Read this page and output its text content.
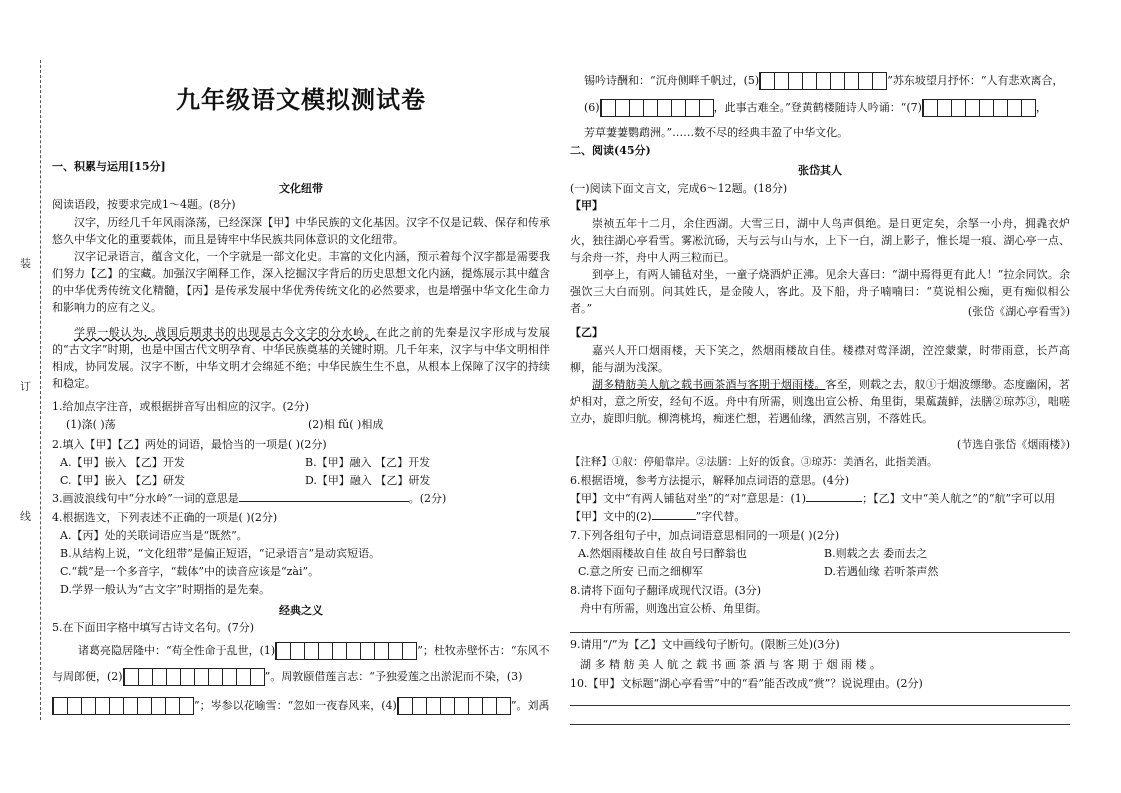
装
订
线
九年级语文模拟测试卷
一、积累与运用[15分]
文化纽带
阅读语段，按要求完成1～4题。(8分)

汉字，历经几千年风雨涤荡，已经深深【甲】中华民族的文化基因。汉字不仅是记载、保存和传承悠久中华文化的重要载体，而且是铸牢中华民族共同体意识的文化纽带。

汉字记录语言，蕴含文化，一个字就是一部文化史。丰富的文化内涵，预示着每个汉字都是需要我们努力【乙】的宝藏。加强汉字阐释工作，深入挖掘汉字背后的历史思想文化内涵，提炼展示其中蕴含的中华优秀传统文化精髓，【丙】是传承发展中华优秀传统文化的必然要求，也是增强中华文化生命力和影响力的应有之义。

学界一般认为，战国后期隶书的出现是古今文字的分水岭。在此之前的先秦是汉字形成与发展的“古文字”时期，也是中国古代文明孕育、中华民族奠基的关键时期。几千年来，汉字与中华文明相伴相成，协同发展。汉字不断，中华文明才会绵延不绝；中华民族生生不息，从根本上保障了汉字的持续和稳定。

1.给加点字注音，或根据拼音写出相应的汉字。(2分)
(1)涤( )荡	(2)相 fǔ( )相成
2.填入【甲】【乙】两处的词语，最恰当的一项是( )(2分)
A.【甲】嵌入 【乙】开发	B.【甲】融入 【乙】开发
C.【甲】嵌入 【乙】研发	D.【甲】融入 【乙】研发
3.画波浪线句中“分水岭”一词的意思是	。(2分)
4.根据选文，下列表述不正确的一项是( )(2分)
A.【丙】处的关联词语应当是“既然”。
B.从结构上说，“文化纽带”是偏正短语，“记录语言”是动宾短语。
C.“载”是一个多音字，“载体”中的读音应该是“zài”。
D.学界一般认为“古文字”时期指的是先秦。
经典之义
5.在下面田字格中填写古诗文名句。(7分)
诸葛亮隐居隆中：“苟全性命于乱世，(1)	”；杜牧赤壁怀古：“东风不
与周郎便，(2)	”。周敦颐借莲言志：“予独爱莲之出淤泥而不染，(3)
”；岑参以花喻雪：“忽如一夜春风来，(4)	”。刘禹
锡吟诗酬和：“沉舟侧畔千帆过，(5)	”苏东坡望月抒怀：“人有悲欢离合，
(6)	，此事古难全。”登黄鹤楼随诗人吟诵：“(7)	，
芳草萋萋鹦鹉洲。”……数不尽的经典丰盈了中华文化。
二、阅读(45分)
张岱其人
(一)阅读下面文言文，完成6～12题。(18分)
【甲】

崇祯五年十二月，余住西湖。大雪三日，湖中人鸟声俱绝。是日更定矣，余拏一小舟，拥毳衣炉火，独往湖心亭看雪。雾凇沆砀，天与云与山与水，上下一白，湖上影子，惟长堤一痕、湖心亭一点、与余舟一芥，舟中人两三粒而已。

到亭上，有两人铺毡对坐，一童子烧酒炉正沸。见余大喜曰：“湖中焉得更有此人！”拉余同饮。余强饮三大白而别。问其姓氏，是金陵人，客此。及下船，舟子喃喃曰：“莫说相公痴，更有痴似相公者。”	(张岱《湖心亭看雪》)
【乙】

嘉兴人开口烟雨楼，天下笑之，然烟雨楼故自佳。楼襟对莺泽湖，涳涳蒙蒙，时带雨意，长芦高柳，能与湖为浅深。

湖多精舫美人航之载书画茶酒与客期于烟雨楼。客至，则载之去，舣①于烟波缥缈。态度幽闲，茗炉相对，意之所安，经旬不返。舟中有所需，则逸出宣公桥、角里街，果蓏蔬鲜，法膳②琼苏③，咄嗟立办，旋即归航。柳湾桃坞，痴迷伫想，若遇仙缘，洒然言别，不落姓氏。

(节选自张岱《烟雨楼》)
【注释】①舣：停船靠岸。②法膳：上好的饭食。③琼苏：美酒名，此指美酒。
6.根据语境，参考方法提示，解释加点词语的意思。(4分)
【甲】文中“有两人铺毡对坐”的“对”意思是：(1)	；【乙】文中“美人航之”的“航”字可以用
【甲】文中的(2)	”字代替。
7.下列各组句子中，加点词语意思相同的一项是( )(2分)
A.然烟雨楼故自佳 故自号曰醉翁也	B.则载之去 委而去之
C.意之所安 已而之细柳军	D.若遇仙缘 若听茶声然
8.请将下面句子翻译成现代汉语。(3分)
舟中有所需，则逸出宣公桥、角里街。
9.请用“/”为【乙】文中画线句子断句。(限断三处)(3分)
湖 多 精 舫 美 人 航 之 载 书 画 茶 酒 与 客 期 于 烟 雨 楼 。
10.【甲】文标题“湖心亭看雪”中的“看”能否改成“赏”？说说理由。(2分)
